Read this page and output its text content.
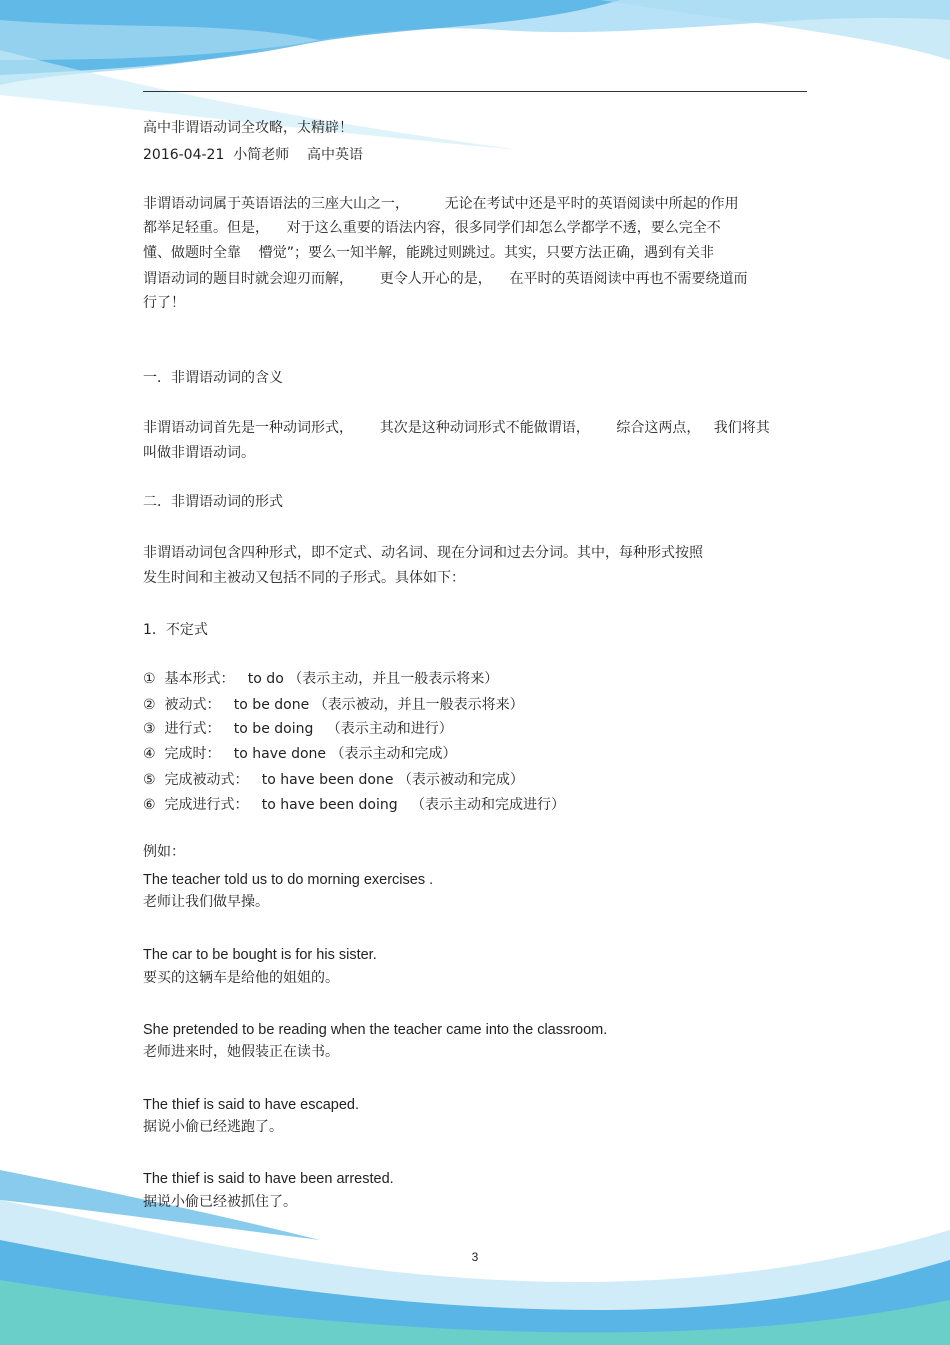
高中非谓语动词全攻略，太精辟！
2016-04-21  小简老师    高中英语
非谓语动词属于英语语法的三座大山之一，        无论在考试中还是平时的英语阅读中所起的作用
都举足轻重。但是，    对于这么重要的语法内容，很多同学们却怎么学都学不透，要么完全不
懂、做题时全靠    懵觉”；要么一知半解，能跳过则跳过。其实，只要方法正确，遇到有关非
谓语动词的题目时就会迎刃而解，      更令人开心的是，    在平时的英语阅读中再也不需要绕道而
行了！
一．非谓语动词的含义
非谓语动词首先是一种动词形式，      其次是这种动词形式不能做谓语，      综合这两点，   我们将其
叫做非谓语动词。
二．非谓语动词的形式
非谓语动词包含四种形式，即不定式、动名词、现在分词和过去分词。其中，每种形式按照
发生时间和主被动又包括不同的子形式。具体如下：
1．不定式
①  基本形式：   to do （表示主动，并且一般表示将来）
②  被动式：   to be done （表示被动，并且一般表示将来）
③  进行式：   to be doing   （表示主动和进行）
④  完成时：   to have done （表示主动和完成）
⑤  完成被动式：   to have been done （表示被动和完成）
⑥  完成进行式：   to have been doing   （表示主动和完成进行）
例如：
The teacher told us to do morning exercises .
老师让我们做早操。
The car to be bought is for his sister.
要买的这辆车是给他的姐姐的。
She pretended to be reading when the teacher came into the classroom.
老师进来时，她假装正在读书。
The thief is said to have escaped.
据说小偷已经逃跑了。
The thief is said to have been arrested.
据说小偷已经被抓住了。
3
